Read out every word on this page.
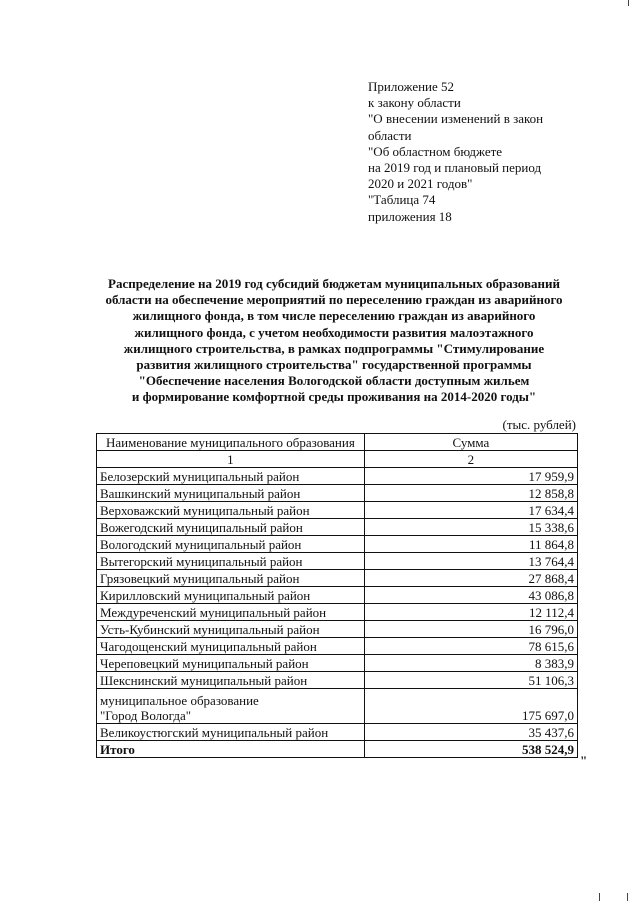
Приложение 52
к закону области
"О внесении изменений в закон
области
"Об областном бюджете
на 2019 год и плановый период
2020 и 2021 годов"
"Таблица 74
приложения 18
Распределение на 2019 год субсидий бюджетам муниципальных образований
области на обеспечение мероприятий по переселению граждан из аварийного
жилищного фонда, в том числе переселению граждан из аварийного
жилищного фонда, с учетом необходимости развития малоэтажного
жилищного строительства, в рамках подпрограммы "Стимулирование
развития жилищного строительства" государственной программы
"Обеспечение населения Вологодской области доступным жильем
и формирование комфортной среды проживания на 2014-2020 годы"
(тыс. рублей)
Наименование муниципального образования	Сумма
1	2
Белозерский муниципальный район	17 959,9
Вашкинский муниципальный район	12 858,8
Верховажский муниципальный район	17 634,4
Вожегодский муниципальный район	15 338,6
Вологодский муниципальный район	11 864,8
Вытегорский муниципальный район	13 764,4
Грязовецкий муниципальный район	27 868,4
Кирилловский муниципальный район	43 086,8
Междуреченский муниципальный район	12 112,4
Усть-Кубинский муниципальный район	16 796,0
Чагодощенский муниципальный район	78 615,6
Череповецкий муниципальный район	8 383,9
Шекснинский муниципальный район	51 106,3

муниципальное образование
"Город Вологда"	175 697,0
Великоустюгский муниципальный район	35 437,6
Итого	538 524,9
"
